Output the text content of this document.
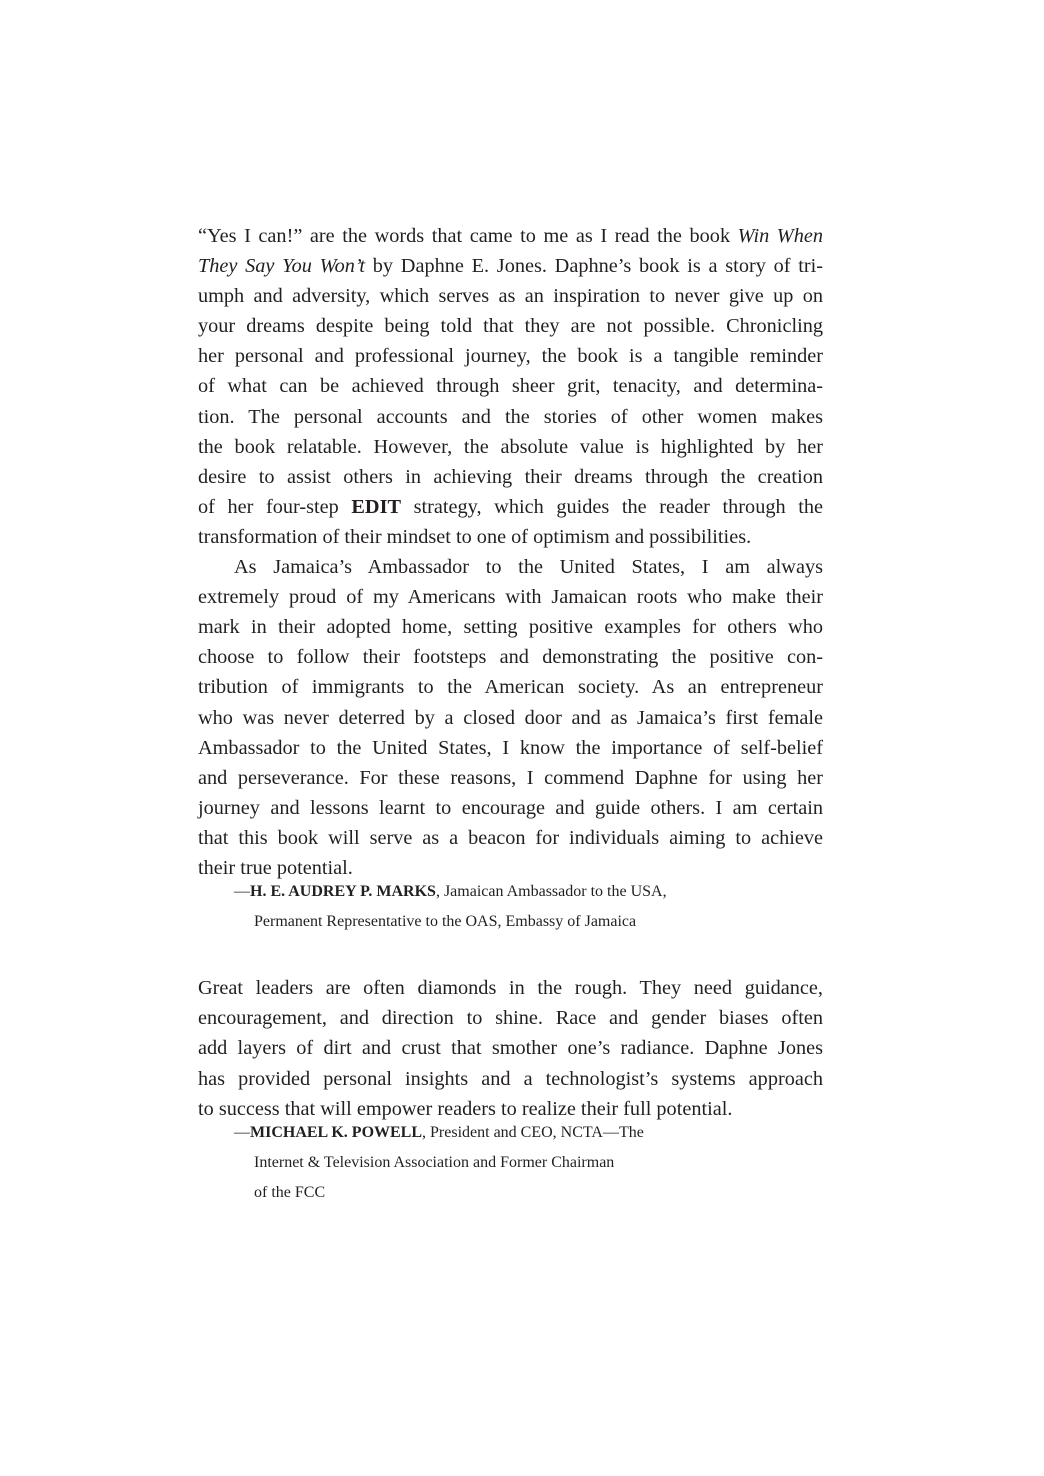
“Yes I can!” are the words that came to me as I read the book Win When
They Say You Won’t by Daphne E. Jones. Daphne’s book is a story of tri-
umph and adversity, which serves as an inspiration to never give up on
your dreams despite being told that they are not possible. Chronicling
her personal and professional journey, the book is a tangible reminder
of what can be achieved through sheer grit, tenacity, and determina-
tion. The personal accounts and the stories of other women makes
the book relatable. However, the absolute value is highlighted by her
desire to assist others in achieving their dreams through the creation
of her four-step EDIT strategy, which guides the reader through the
transformation of their mindset to one of optimism and possibilities.
As Jamaica’s Ambassador to the United States, I am always
extremely proud of my Americans with Jamaican roots who make their
mark in their adopted home, setting positive examples for others who
choose to follow their footsteps and demonstrating the positive con-
tribution of immigrants to the American society. As an entrepreneur
who was never deterred by a closed door and as Jamaica’s first female
Ambassador to the United States, I know the importance of self-belief
and perseverance. For these reasons, I commend Daphne for using her
journey and lessons learnt to encourage and guide others. I am certain
that this book will serve as a beacon for individuals aiming to achieve
their true potential.
—H. E. AUDREY P. MARKS, Jamaican Ambassador to the USA,
Permanent Representative to the OAS, Embassy of Jamaica
Great leaders are often diamonds in the rough. They need guidance,
encouragement, and direction to shine. Race and gender biases often
add layers of dirt and crust that smother one’s radiance. Daphne Jones
has provided personal insights and a technologist’s systems approach
to success that will empower readers to realize their full potential.
—MICHAEL K. POWELL, President and CEO, NCTA—The
Internet & Television Association and Former Chairman
of the FCC
